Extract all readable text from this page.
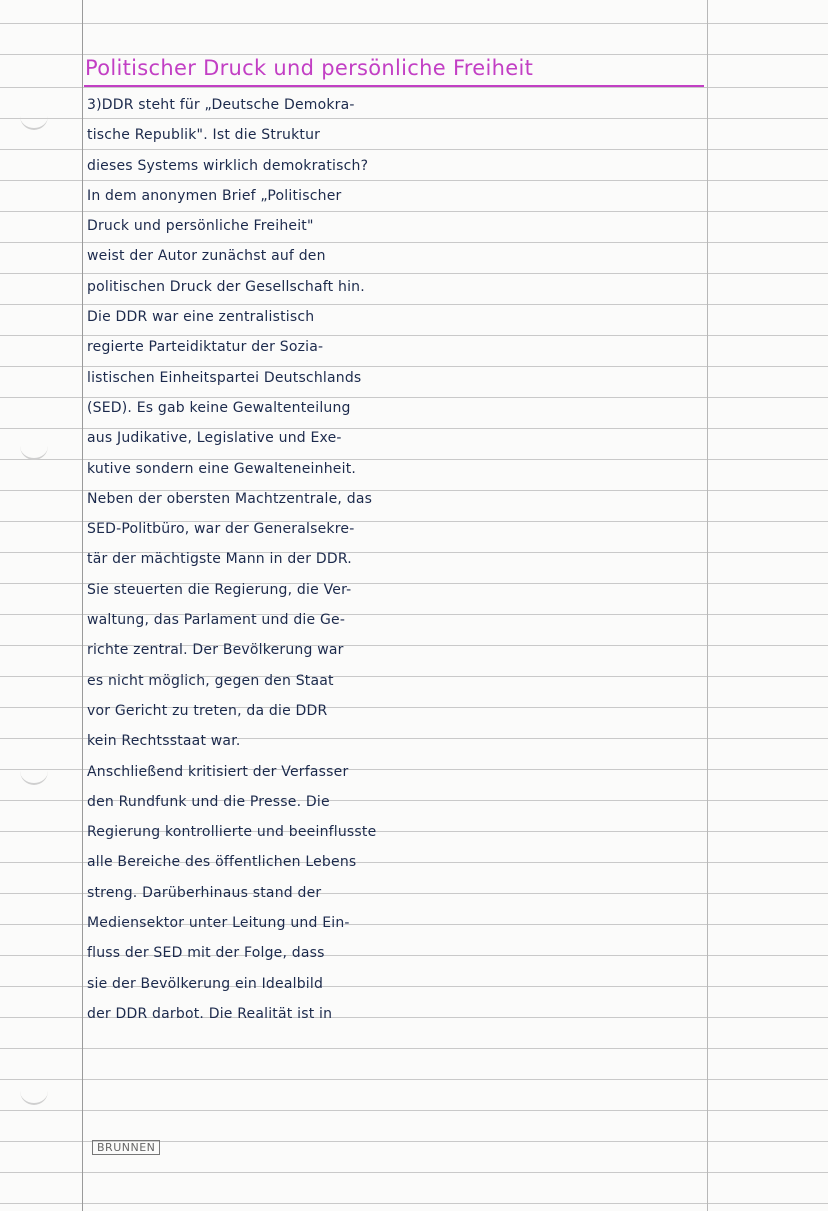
Politischer Druck und persönliche Freiheit
3)DDR steht für „Deutsche Demokra-
tische Republik". Ist die Struktur
dieses Systems wirklich demokratisch?
In dem anonymen Brief „Politischer
Druck und persönliche Freiheit"
weist der Autor zunächst auf den
politischen Druck der Gesellschaft hin.
Die DDR war eine zentralistisch
regierte Parteidiktatur der Sozia-
listischen Einheitspartei Deutschlands
(SED). Es gab keine Gewaltenteilung
aus Judikative, Legislative und Exe-
kutive sondern eine Gewalteneinheit.
Neben der obersten Machtzentrale, das
SED-Politbüro, war der Generalsekre-
tär der mächtigste Mann in der DDR.
Sie steuerten die Regierung, die Ver-
waltung, das Parlament und die Ge-
richte zentral. Der Bevölkerung war
es nicht möglich, gegen den Staat
vor Gericht zu treten, da die DDR
kein Rechtsstaat war.
Anschließend kritisiert der Verfasser
den Rundfunk und die Presse. Die
Regierung kontrollierte und beeinflusste
alle Bereiche des öffentlichen Lebens
streng. Darüberhinaus stand der
Mediensektor unter Leitung und Ein-
fluss der SED mit der Folge, dass
sie der Bevölkerung ein Idealbild
der DDR darbot. Die Realität ist in
BRUNNEN
